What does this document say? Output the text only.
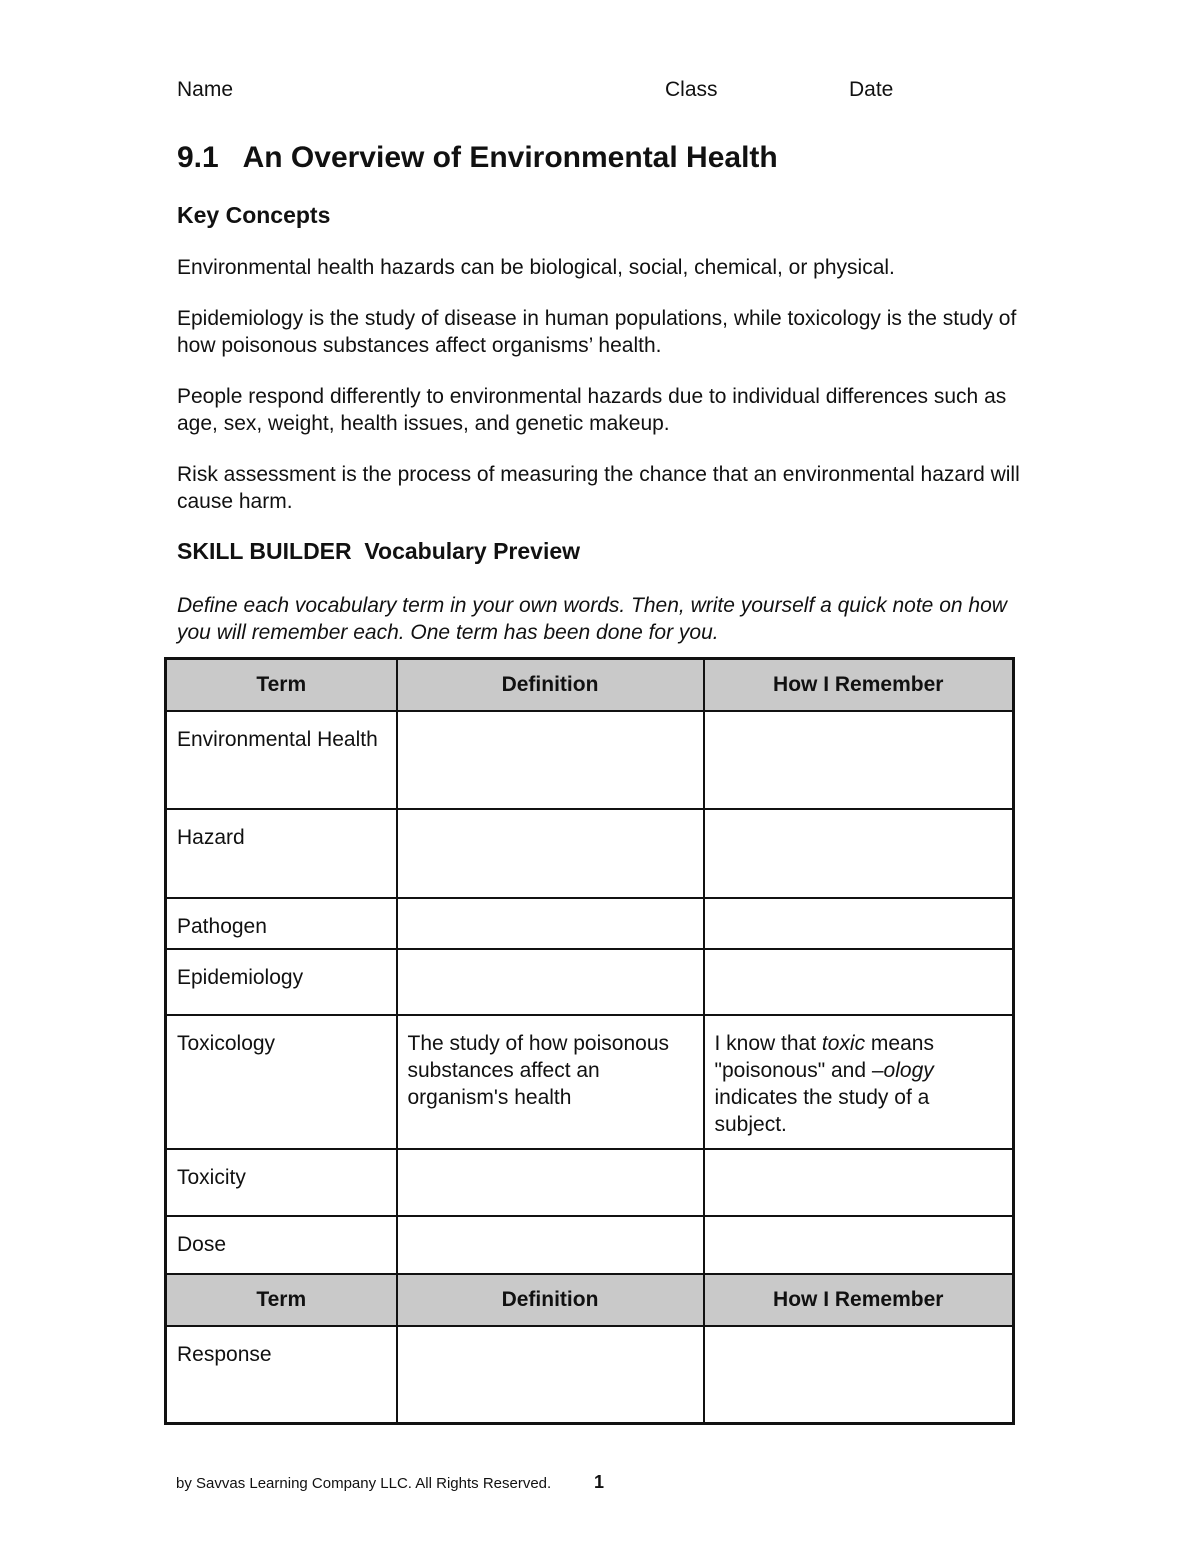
Name	Class	Date
9.1   An Overview of Environmental Health
Key Concepts

Environmental health hazards can be biological, social, chemical, or physical.

Epidemiology is the study of disease in human populations, while toxicology is the study of how poisonous substances affect organisms’ health.

People respond differently to environmental hazards due to individual differences such as age, sex, weight, health issues, and genetic makeup.

Risk assessment is the process of measuring the chance that an environmental hazard will cause harm.

SKILL BUILDER  Vocabulary Preview

Define each vocabulary term in your own words. Then, write yourself a quick note on how you will remember each. One term has been done for you.

Term	Definition	How I Remember
Environmental Health		
Hazard		
Pathogen		
Epidemiology		
Toxicology	The study of how poisonous substances affect an organism's health	I know that toxic means "poisonous" and –ology indicates the study of a subject.
Toxicity		
Dose		
Term	Definition	How I Remember
Response		
by Savvas Learning Company LLC. All Rights Reserved. 1
